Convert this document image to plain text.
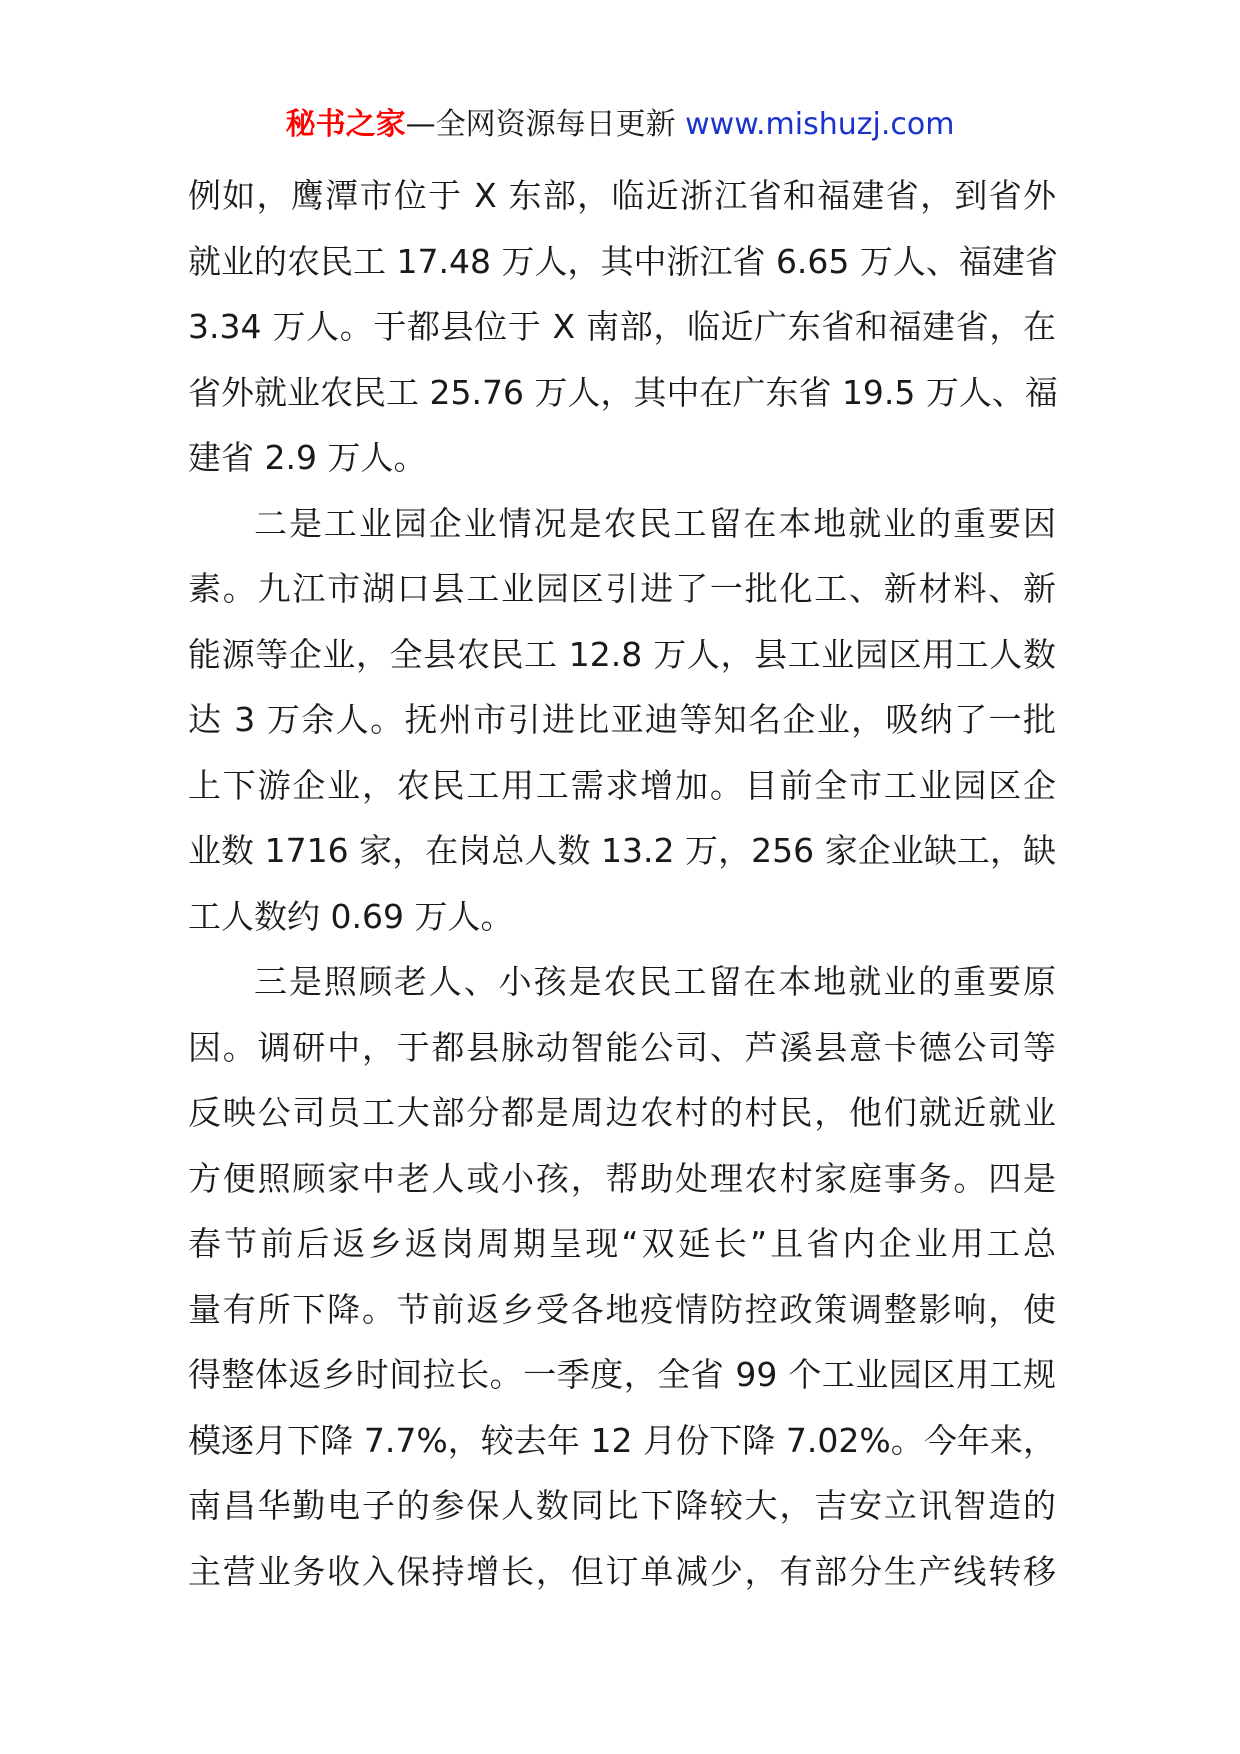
秘书之家—全网资源每日更新 www.mishuzj.com
例如，鹰潭市位于 X 东部，临近浙江省和福建省，到省外
就业的农民工 17.48 万人，其中浙江省 6.65 万人、福建省
3.34 万人。于都县位于 X 南部，临近广东省和福建省，在
省外就业农民工 25.76 万人，其中在广东省 19.5 万人、福
建省 2.9 万人。
二是工业园企业情况是农民工留在本地就业的重要因
素。九江市湖口县工业园区引进了一批化工、新材料、新
能源等企业，全县农民工 12.8 万人，县工业园区用工人数
达 3 万余人。抚州市引进比亚迪等知名企业，吸纳了一批
上下游企业，农民工用工需求增加。目前全市工业园区企
业数 1716 家，在岗总人数 13.2 万，256 家企业缺工，缺
工人数约 0.69 万人。
三是照顾老人、小孩是农民工留在本地就业的重要原
因。调研中，于都县脉动智能公司、芦溪县意卡德公司等
反映公司员工大部分都是周边农村的村民，他们就近就业
方便照顾家中老人或小孩，帮助处理农村家庭事务。四是
春节前后返乡返岗周期呈现“双延长”且省内企业用工总
量有所下降。节前返乡受各地疫情防控政策调整影响，使
得整体返乡时间拉长。一季度，全省 99 个工业园区用工规
模逐月下降 7.7%，较去年 12 月份下降 7.02%。今年来，
南昌华勤电子的参保人数同比下降较大，吉安立讯智造的
主营业务收入保持增长，但订单减少，有部分生产线转移
